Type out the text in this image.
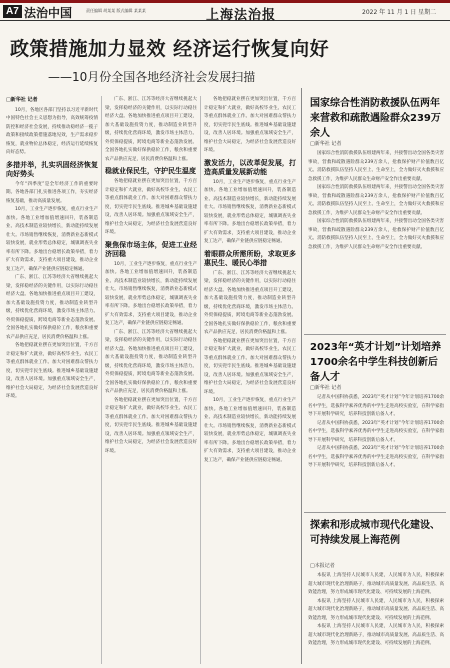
A7 法治中国	责任编辑 胡某某 版式编辑 某某某	上海法治报	2022 年 11 月 1 日 星期二
政策措施加力显效 经济运行恢复向好
——10月份全国各地经济社会发展扫描
□新华社 记者

10月，各地区各部门坚持以习近平新时代中国特色社会主义思想为指导，高效统筹疫情防控和经济社会发展，持续推动稳经济一揽子政策和接续政策措施落地见效，生产需求稳步恢复，就业物价总体稳定，经济运行延续恢复向好态势。

多措并举，扎实巩固经济恢复向好势头

今年“四季度”是全年经济工作的重要时期。各地各部门扎实推进各项工作，夯实经济恢复基础，推动高质量发展。

10月，工业生产逐步恢复，重点行业生产加快。各地工业增加值增速回升，装备制造业、高技术制造业较快增长，新动能持续发展壮大。市场销售继续恢复，消费新业态新模式较快发展，就业形势总体稳定，城镇调查失业率有所下降。多地出台稳增长政策举措，着力扩大有效需求，支持重大项目建设，推动企业复工达产，确保产业链供应链稳定畅通。

广东、浙江、江苏等经济大省继续挑起大梁，发挥稳经济的关键作用，以实际行动稳住经济大盘。各地加快推进重点项目开工建设，加大基础设施投资力度，推动制造业转型升级，持续优化营商环境，激发市场主体活力。外贸保稳提质，跨境电商等新业态蓬勃发展。全国各地扎实做好保供稳价工作，粮食和重要农产品供应充足，居民消费价格温和上涨。

各地把稳就业摆在更加突出位置，千方百计稳定和扩大就业，做好高校毕业生、农民工等重点群体就业工作。加大对困难群众帮扶力度，切实兜牢民生底线。推进城乡基础设施建设，改善人居环境。加强重点领域安全生产，维护社会大局稳定，为经济社会发展营造良好环境。

广东、浙江、江苏等经济大省继续挑起大梁，发挥稳经济的关键作用，以实际行动稳住经济大盘。各地加快推进重点项目开工建设，加大基础设施投资力度，推动制造业转型升级，持续优化营商环境，激发市场主体活力。外贸保稳提质，跨境电商等新业态蓬勃发展。全国各地扎实做好保供稳价工作，粮食和重要农产品供应充足，居民消费价格温和上涨。

稳就业保民生，守护民生温度

各地把稳就业摆在更加突出位置，千方百计稳定和扩大就业，做好高校毕业生、农民工等重点群体就业工作。加大对困难群众帮扶力度，切实兜牢民生底线。推进城乡基础设施建设，改善人居环境。加强重点领域安全生产，维护社会大局稳定，为经济社会发展营造良好环境。

聚焦保市场主体，促进工业经济回稳

10月，工业生产逐步恢复，重点行业生产加快。各地工业增加值增速回升，装备制造业、高技术制造业较快增长，新动能持续发展壮大。市场销售继续恢复，消费新业态新模式较快发展，就业形势总体稳定，城镇调查失业率有所下降。多地出台稳增长政策举措，着力扩大有效需求，支持重大项目建设，推动企业复工达产，确保产业链供应链稳定畅通。

广东、浙江、江苏等经济大省继续挑起大梁，发挥稳经济的关键作用，以实际行动稳住经济大盘。各地加快推进重点项目开工建设，加大基础设施投资力度，推动制造业转型升级，持续优化营商环境，激发市场主体活力。外贸保稳提质，跨境电商等新业态蓬勃发展。全国各地扎实做好保供稳价工作，粮食和重要农产品供应充足，居民消费价格温和上涨。

各地把稳就业摆在更加突出位置，千方百计稳定和扩大就业，做好高校毕业生、农民工等重点群体就业工作。加大对困难群众帮扶力度，切实兜牢民生底线。推进城乡基础设施建设，改善人居环境。加强重点领域安全生产，维护社会大局稳定，为经济社会发展营造良好环境。

各地把稳就业摆在更加突出位置，千方百计稳定和扩大就业，做好高校毕业生、农民工等重点群体就业工作。加大对困难群众帮扶力度，切实兜牢民生底线。推进城乡基础设施建设，改善人居环境。加强重点领域安全生产，维护社会大局稳定，为经济社会发展营造良好环境。

激发活力，以改革促发展，打造高质量发展新动能

10月，工业生产逐步恢复，重点行业生产加快。各地工业增加值增速回升，装备制造业、高技术制造业较快增长，新动能持续发展壮大。市场销售继续恢复，消费新业态新模式较快发展，就业形势总体稳定，城镇调查失业率有所下降。多地出台稳增长政策举措，着力扩大有效需求，支持重大项目建设，推动企业复工达产，确保产业链供应链稳定畅通。

着眼群众所需所盼，求取更多惠民生、暖民心举措

广东、浙江、江苏等经济大省继续挑起大梁，发挥稳经济的关键作用，以实际行动稳住经济大盘。各地加快推进重点项目开工建设，加大基础设施投资力度，推动制造业转型升级，持续优化营商环境，激发市场主体活力。外贸保稳提质，跨境电商等新业态蓬勃发展。全国各地扎实做好保供稳价工作，粮食和重要农产品供应充足，居民消费价格温和上涨。

各地把稳就业摆在更加突出位置，千方百计稳定和扩大就业，做好高校毕业生、农民工等重点群体就业工作。加大对困难群众帮扶力度，切实兜牢民生底线。推进城乡基础设施建设，改善人居环境。加强重点领域安全生产，维护社会大局稳定，为经济社会发展营造良好环境。

10月，工业生产逐步恢复，重点行业生产加快。各地工业增加值增速回升，装备制造业、高技术制造业较快增长，新动能持续发展壮大。市场销售继续恢复，消费新业态新模式较快发展，就业形势总体稳定，城镇调查失业率有所下降。多地出台稳增长政策举措，着力扩大有效需求，支持重大项目建设，推动企业复工达产，确保产业链供应链稳定畅通。

国家综合性消防救援队伍两年来营救和疏散遇险群众239万余人
□新华社 记者

国家综合性消防救援队伍组建两年来，共接警出动全国各类灾害事故，营救和疏散遇险群众239万余人，抢救保护财产价值数百亿元。消防救援队伍坚持人民至上、生命至上，全力做好灭火救援和应急救援工作，为维护人民群众生命财产安全作出重要贡献。

国家综合性消防救援队伍组建两年来，共接警出动全国各类灾害事故，营救和疏散遇险群众239万余人，抢救保护财产价值数百亿元。消防救援队伍坚持人民至上、生命至上，全力做好灭火救援和应急救援工作，为维护人民群众生命财产安全作出重要贡献。

国家综合性消防救援队伍组建两年来，共接警出动全国各类灾害事故，营救和疏散遇险群众239万余人，抢救保护财产价值数百亿元。消防救援队伍坚持人民至上、生命至上，全力做好灭火救援和应急救援工作，为维护人民群众生命财产安全作出重要贡献。

2023年“英才计划”计划培养1700余名中学生科技创新后备人才
□新华社 记者

记者从中国科协获悉，2023年“英才计划”今年计划培养1700余名中学生，选拔科学素养优秀的中学生走进高校实验室，在科学家指导下开展科学研究，培养科技创新后备人才。

记者从中国科协获悉，2023年“英才计划”今年计划培养1700余名中学生，选拔科学素养优秀的中学生走进高校实验室，在科学家指导下开展科学研究，培养科技创新后备人才。

记者从中国科协获悉，2023年“英才计划”今年计划培养1700余名中学生，选拔科学素养优秀的中学生走进高校实验室，在科学家指导下开展科学研究，培养科技创新后备人才。

探索和形成城市现代化建设、可持续发展上海范例
□本报记者

本报讯 上海坚持人民城市人民建，人民城市为人民，积极探索超大城市现代化治理新路子，推动城市高质量发展、高品质生活、高效能治理，努力形成城市现代化建设、可持续发展的上海范例。

本报讯 上海坚持人民城市人民建，人民城市为人民，积极探索超大城市现代化治理新路子，推动城市高质量发展、高品质生活、高效能治理，努力形成城市现代化建设、可持续发展的上海范例。

本报讯 上海坚持人民城市人民建，人民城市为人民，积极探索超大城市现代化治理新路子，推动城市高质量发展、高品质生活、高效能治理，努力形成城市现代化建设、可持续发展的上海范例。
